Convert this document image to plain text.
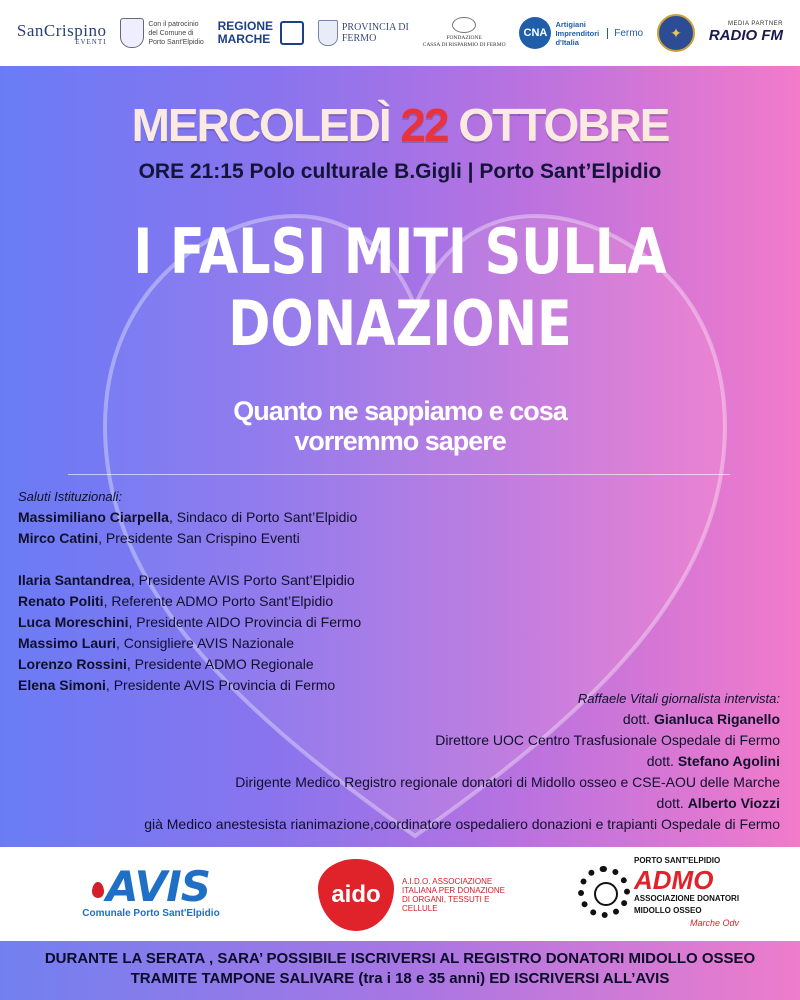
SanCrispino
EVENTI
Con il patrocinio
del Comune di
Porto Sant'Elpidio
REGIONE
MARCHE
PROVINCIA DI
FERMO	FONDAZIONE
CASSA DI RISPARMIO DI FERMO
CNA
Artigiani
Imprenditori
d'Italia
Fermo	✦
MEDIA PARTNER
RADIO FM
MERCOLEDÌ 22 OTTOBRE
ORE 21:15 Polo culturale B.Gigli | Porto Sant’Elpidio
I FALSI MITI SULLA
DONAZIONE
Quanto ne sappiamo e cosa
vorremmo sapere
Saluti Istituzionali:
Massimiliano Ciarpella, Sindaco di Porto Sant’Elpidio
Mirco Catini, Presidente San Crispino Eventi
Ilaria Santandrea, Presidente AVIS Porto Sant’Elpidio
Renato Politi, Referente ADMO Porto Sant’Elpidio
Luca Moreschini, Presidente AIDO Provincia di Fermo
Massimo Lauri, Consigliere AVIS Nazionale
Lorenzo Rossini, Presidente ADMO Regionale
Elena Simoni, Presidente AVIS Provincia di Fermo
Raffaele Vitali giornalista intervista:
dott. Gianluca Riganello
Direttore UOC Centro Trasfusionale Ospedale di Fermo
dott. Stefano Agolini
Dirigente Medico Registro regionale donatori di Midollo osseo e CSE-AOU delle Marche
dott. Alberto Viozzi
già Medico anestesista rianimazione,coordinatore ospedaliero donazioni e trapianti Ospedale di Fermo
AVIS
Comunale Porto Sant'Elpidio
aido	A.I.D.O. ASSOCIAZIONE ITALIANA PER DONAZIONE DI ORGANI, TESSUTI E CELLULE
PORTO SANT'ELPIDIO
ADMO
ASSOCIAZIONE DONATORI
MIDOLLO OSSEO
Marche Odv
DURANTE LA SERATA , SARA’ POSSIBILE ISCRIVERSI AL REGISTRO DONATORI MIDOLLO OSSEO
TRAMITE TAMPONE SALIVARE (tra i 18 e 35 anni) ED ISCRIVERSI ALL’AVIS
